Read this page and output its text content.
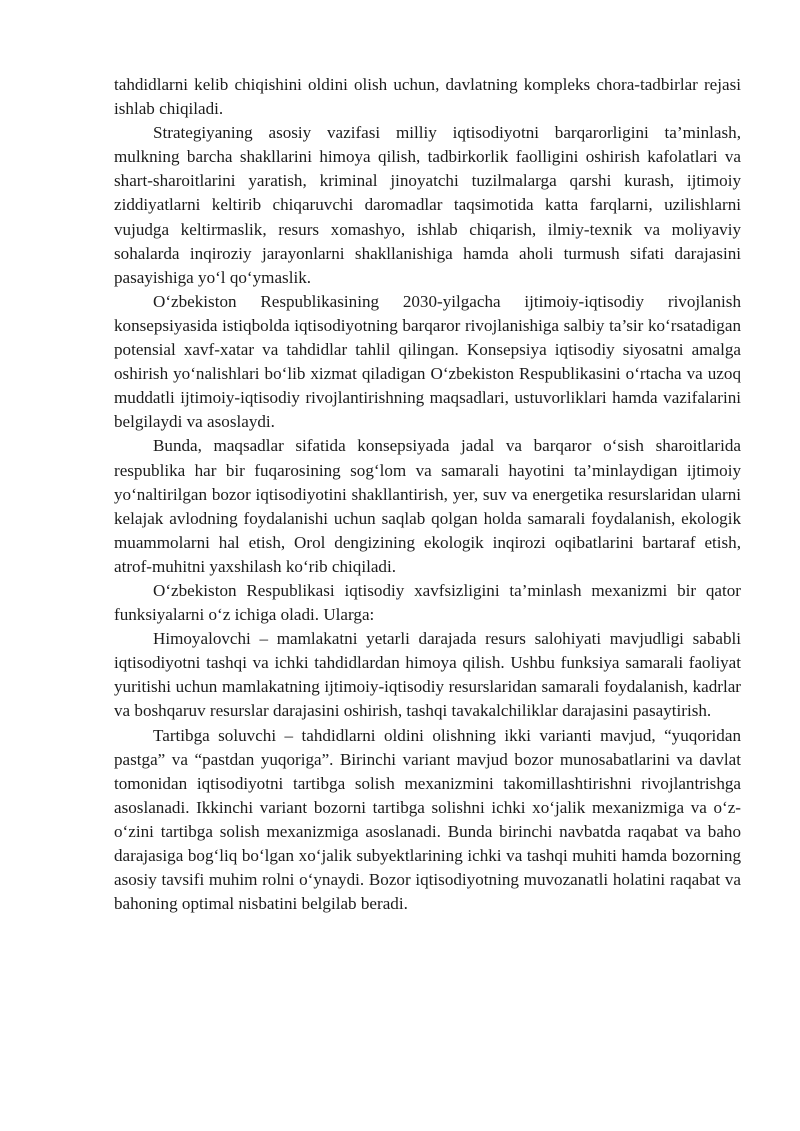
tahdidlarni kelib chiqishini oldini olish uchun, davlatning kompleks chora-tadbirlar rejasi ishlab chiqiladi.

Strategiyaning asosiy vazifasi milliy iqtisodiyotni barqarorligini ta’minlash, mulkning barcha shakllarini himoya qilish, tadbirkorlik faolligini oshirish kafolatlari va shart-sharoitlarini yaratish, kriminal jinoyatchi tuzilmalarga qarshi kurash, ijtimoiy ziddiyatlarni keltirib chiqaruvchi daromadlar taqsimotida katta farqlarni, uzilishlarni vujudga keltirmaslik, resurs xomashyo, ishlab chiqarish, ilmiy-texnik va moliyaviy sohalarda inqiroziy jarayonlarni shakllanishiga hamda aholi turmush sifati darajasini pasayishiga yo‘l qo‘ymaslik.

O‘zbekiston Respublikasining 2030-yilgacha ijtimoiy-iqtisodiy rivojlanish konsepsiyasida istiqbolda iqtisodiyotning barqaror rivojlanishiga salbiy ta’sir ko‘rsatadigan potensial xavf-xatar va tahdidlar tahlil qilingan. Konsepsiya iqtisodiy siyosatni amalga oshirish yo‘nalishlari bo‘lib xizmat qiladigan O‘zbekiston Respublikasini o‘rtacha va uzoq muddatli ijtimoiy-iqtisodiy rivojlantirishning maqsadlari, ustuvorliklari hamda vazifalarini belgilaydi va asoslaydi.

Bunda, maqsadlar sifatida konsepsiyada jadal va barqaror o‘sish sharoitlarida respublika har bir fuqarosining sog‘lom va samarali hayotini ta’minlaydigan ijtimoiy yo‘naltirilgan bozor iqtisodiyotini shakllantirish, yer, suv va energetika resurslaridan ularni kelajak avlodning foydalanishi uchun saqlab qolgan holda samarali foydalanish, ekologik muammolarni hal etish, Orol dengizining ekologik inqirozi oqibatlarini bartaraf etish, atrof-muhitni yaxshilash ko‘rib chiqiladi.

O‘zbekiston Respublikasi iqtisodiy xavfsizligini ta’minlash mexanizmi bir qator funksiyalarni o‘z ichiga oladi. Ularga:

Himoyalovchi – mamlakatni yetarli darajada resurs salohiyati mavjudligi sababli iqtisodiyotni tashqi va ichki tahdidlardan himoya qilish. Ushbu funksiya samarali faoliyat yuritishi uchun mamlakatning ijtimoiy-iqtisodiy resurslaridan samarali foydalanish, kadrlar va boshqaruv resurslar darajasini oshirish, tashqi tavakalchiliklar darajasini pasaytirish.

Tartibga soluvchi – tahdidlarni oldini olishning ikki varianti mavjud, “yuqoridan pastga” va “pastdan yuqoriga”. Birinchi variant mavjud bozor munosabatlarini va davlat tomonidan iqtisodiyotni tartibga solish mexanizmini takomillashtirishni rivojlantrishga asoslanadi. Ikkinchi variant bozorni tartibga solishni ichki xo‘jalik mexanizmiga va o‘z-o‘zini tartibga solish mexanizmiga asoslanadi. Bunda birinchi navbatda raqabat va baho darajasiga bog‘liq bo‘lgan xo‘jalik subyektlarining ichki va tashqi muhiti hamda bozorning asosiy tavsifi muhim rolni o‘ynaydi. Bozor iqtisodiyotning muvozanatli holatini raqabat va bahoning optimal nisbatini belgilab beradi.
